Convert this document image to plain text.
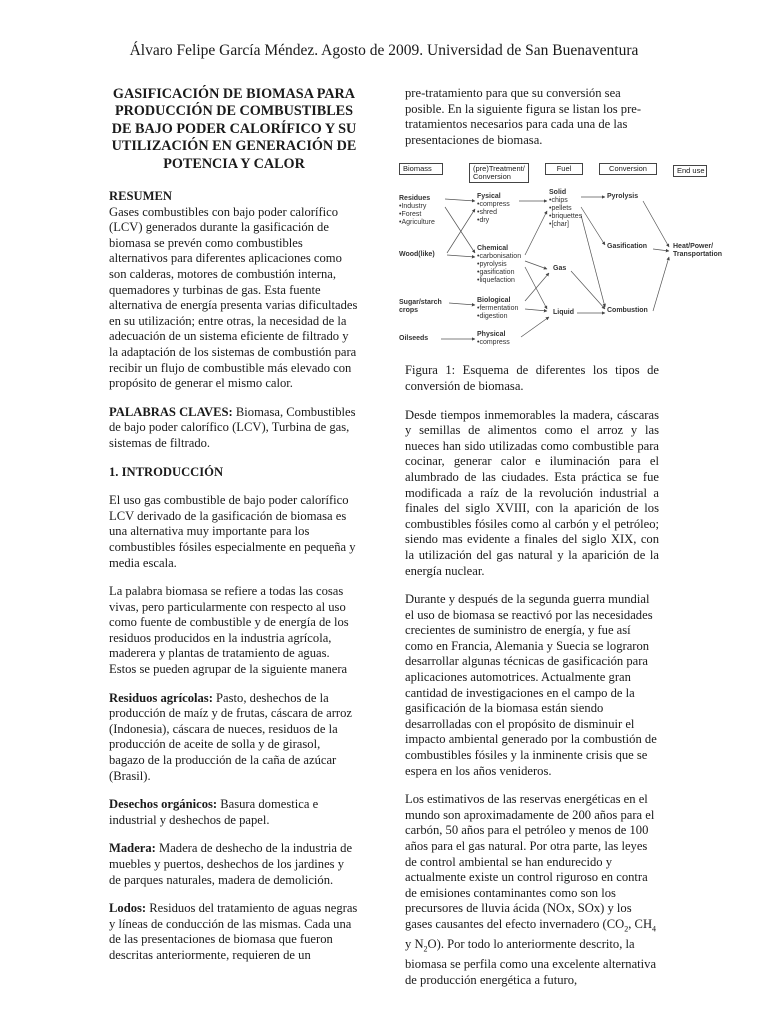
Álvaro Felipe García Méndez. Agosto de 2009. Universidad de San Buenaventura
GASIFICACIÓN DE BIOMASA PARA PRODUCCIÓN DE COMBUSTIBLES DE BAJO PODER CALORÍFICO Y SU UTILIZACIÓN EN GENERACIÓN DE POTENCIA Y CALOR
RESUMEN

Gases combustibles con bajo poder calorífico (LCV) generados durante la gasificación de biomasa se prevén como combustibles alternativos para diferentes aplicaciones como son calderas, motores de combustión interna, quemadores y turbinas de gas. Esta fuente alternativa de energía presenta varias dificultades en su utilización; entre otras, la necesidad de la adecuación de un sistema eficiente de filtrado y la adaptación de los sistemas de combustión para recibir un flujo de combustible más elevado con propósito de generar el mismo calor.

PALABRAS CLAVES: Biomasa, Combustibles de bajo poder calorífico (LCV), Turbina de gas, sistemas de filtrado.

1. INTRODUCCIÓN

El uso gas combustible de bajo poder calorífico LCV derivado de la gasificación de biomasa es una alternativa muy importante para los combustibles fósiles especialmente en pequeña y media escala.

La palabra biomasa se refiere a todas las cosas vivas, pero particularmente con respecto al uso como fuente de combustible y de energía de los residuos producidos en la industria agrícola, maderera y plantas de tratamiento de aguas. Estos se pueden agrupar de la siguiente manera

Residuos agrícolas: Pasto, deshechos de la producción de maíz y de frutas, cáscara de arroz (Indonesia), cáscara de nueces, residuos de la producción de aceite de solla y de girasol, bagazo de la producción de la caña de azúcar (Brasil).

Desechos orgánicos: Basura domestica e industrial y deshechos de papel.

Madera: Madera de deshecho de la industria de muebles y puertos, deshechos de los jardines y de parques naturales, madera de demolición.

Lodos: Residuos del tratamiento de aguas negras y líneas de conducción de las mismas. Cada una de las presentaciones de biomasa que fueron descritas anteriormente, requieren de un

pre-tratamiento para que su conversión sea posible. En la siguiente figura se listan los pre-tratamientos necesarios para cada una de las presentaciones de biomasa.

Biomass	(pre)Treatment/ Conversion
Fuel	Conversion	End use
Residues
•Industry
•Forest
•Agriculture
Wood(like)
Sugar/starch
crops
Oilseeds
Fysical
•compress
•shred
•dry
Chemical
•carbonisation
•pyrolysis
•gasification
•liquefaction
Biological
•fermentation
•digestion
Physical
•compress
Solid
•chips
•pellets
•briquettes
•[char]
Gas
Liquid
Pyrolysis
Gasification
Combustion
Heat/Power/ Transportation

Figura 1: Esquema de diferentes los tipos de conversión de biomasa.

Desde tiempos inmemorables la madera, cáscaras y semillas de alimentos como el arroz y las nueces han sido utilizadas como combustible para cocinar, generar calor e iluminación para el alumbrado de las ciudades. Esta práctica se fue modificada a raíz de la revolución industrial a finales del siglo XVIII, con la aparición de los combustibles fósiles como al carbón y el petróleo; siendo mas evidente a finales del siglo XIX, con la utilización del gas natural y la aparición de la energía nuclear.

Durante y después de la segunda guerra mundial el uso de biomasa se reactivó por las necesidades crecientes de suministro de energía, y fue así como en Francia, Alemania y Suecia se lograron desarrollar algunas técnicas de gasificación para aplicaciones automotrices. Actualmente gran cantidad de investigaciones en el campo de la gasificación de la biomasa están siendo desarrolladas con el propósito de disminuir el impacto ambiental generado por la combustión de combustibles fósiles y la inminente crisis que se espera en los años venideros.

Los estimativos de las reservas energéticas en el mundo son aproximadamente de 200 años para el carbón, 50 años para el petróleo y menos de 100 años para el gas natural. Por otra parte, las leyes de control ambiental se han endurecido y actualmente existe un control riguroso en contra de emisiones contaminantes como son los precursores de lluvia ácida (NOx, SOx) y los gases causantes del efecto invernadero ($CO_2$, $CH_4$ y $N_2O$). Por todo lo anteriormente descrito, la biomasa se perfila como una excelente alternativa de producción energética a futuro,
